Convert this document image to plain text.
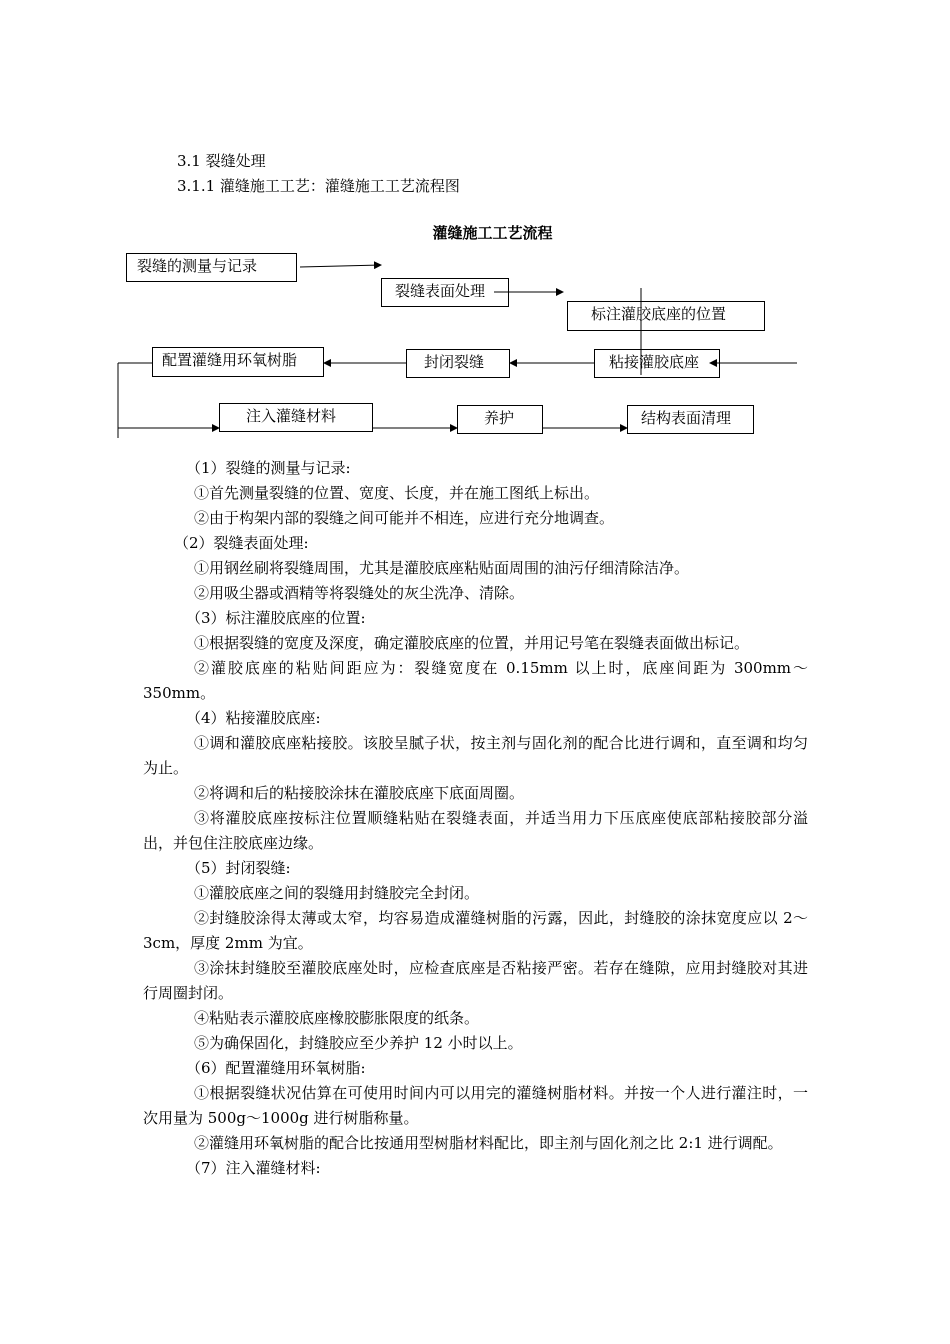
3.1 裂缝处理
3.1.1 灌缝施工工艺：灌缝施工工艺流程图
灌缝施工工艺流程
裂缝的测量与记录
裂缝表面处理
标注灌胶底座的位置
配置灌缝用环氧树脂	封闭裂缝	粘接灌胶底座
注入灌缝材料	养护	结构表面清理

（1）裂缝的测量与记录:

①首先测量裂缝的位置、宽度、长度，并在施工图纸上标出。

②由于构架内部的裂缝之间可能并不相连，应进行充分地调查。

（2）裂缝表面处理:

①用钢丝刷将裂缝周围，尤其是灌胶底座粘贴面周围的油污仔细清除洁净。

②用吸尘器或酒精等将裂缝处的灰尘洗净、清除。

（3）标注灌胶底座的位置:

①根据裂缝的宽度及深度，确定灌胶底座的位置，并用记号笔在裂缝表面做出标记。

②灌胶底座的粘贴间距应为：裂缝宽度在 0.15mm 以上时，底座间距为 300mm～350mm。

（4）粘接灌胶底座:

①调和灌胶底座粘接胶。该胶呈腻子状，按主剂与固化剂的配合比进行调和，直至调和均匀为止。

②将调和后的粘接胶涂抹在灌胶底座下底面周圈。

③将灌胶底座按标注位置顺缝粘贴在裂缝表面，并适当用力下压底座使底部粘接胶部分溢出，并包住注胶底座边缘。

（5）封闭裂缝:

①灌胶底座之间的裂缝用封缝胶完全封闭。

②封缝胶涂得太薄或太窄，均容易造成灌缝树脂的污露，因此，封缝胶的涂抹宽度应以 2～3cm，厚度 2mm 为宜。

③涂抹封缝胶至灌胶底座处时，应检查底座是否粘接严密。若存在缝隙，应用封缝胶对其进行周圈封闭。

④粘贴表示灌胶底座橡胶膨胀限度的纸条。

⑤为确保固化，封缝胶应至少养护 12 小时以上。

（6）配置灌缝用环氧树脂:

①根据裂缝状况估算在可使用时间内可以用完的灌缝树脂材料。并按一个人进行灌注时，一次用量为 500g～1000g 进行树脂称量。

②灌缝用环氧树脂的配合比按通用型树脂材料配比，即主剂与固化剂之比 2:1 进行调配。

（7）注入灌缝材料:
